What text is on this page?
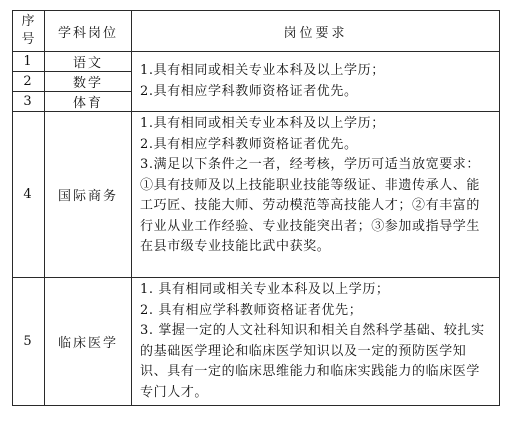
序
号	学科岗位	岗位要求
1	语文	1.具有相同或相关专业本科及以上学历；
2.具有相应学科教师资格证者优先。

2	数学	
3	体育	
4	国际商务	1.具有相同或相关专业本科及以上学历；
2.具有相应学科教师资格证者优先。
3.满足以下条件之一者，经考核，学历可适当放宽要求：①具有技师及以上技能职业技能等级证、非遗传承人、能工巧匠、技能大师、劳动模范等高技能人才；②有丰富的行业从业工作经验、专业技能突出者；③参加或指导学生在县市级专业技能比武中获奖。

5	临床医学	1. 具有相同或相关专业本科及以上学历；
2. 具有相应学科教师资格证者优先；
3. 掌握一定的人文社科知识和相关自然科学基础、较扎实的基础医学理论和临床医学知识以及一定的预防医学知识、具有一定的临床思维能力和临床实践能力的临床医学专门人才。
